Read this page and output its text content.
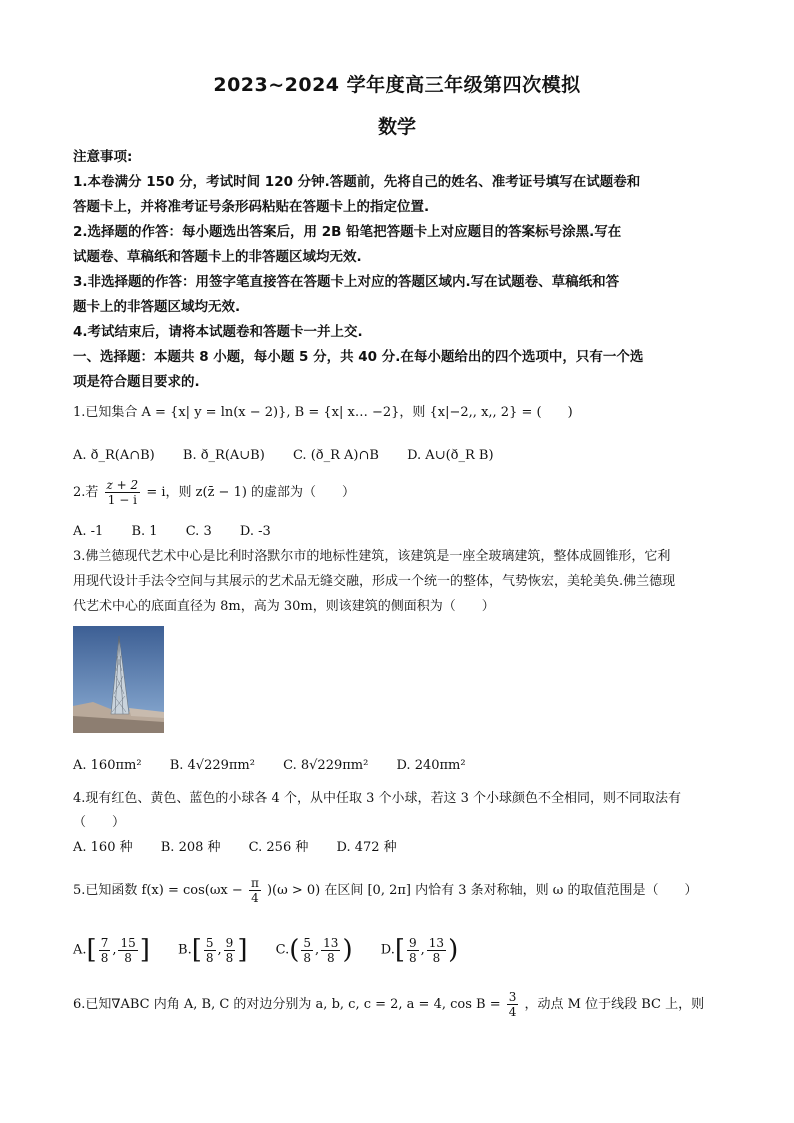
2023~2024 学年度高三年级第四次模拟
数学
注意事项:
1.本卷满分 150 分，考试时间 120 分钟.答题前，先将自己的姓名、准考证号填写在试题卷和
答题卡上，并将准考证号条形码粘贴在答题卡上的指定位置.
2.选择题的作答：每小题选出答案后，用 2B 铅笔把答题卡上对应题目的答案标号涂黑.写在
试题卷、草稿纸和答题卡上的非答题区域均无效.
3.非选择题的作答：用签字笔直接答在答题卡上对应的答题区域内.写在试题卷、草稿纸和答
题卡上的非答题区域均无效.
4.考试结束后，请将本试题卷和答题卡一并上交.
一、选择题：本题共 8 小题，每小题 5 分，共 40 分.在每小题给出的四个选项中，只有一个选
项是符合题目要求的.
1.已知集合 A = {x| y = ln(x − 2)}, B = {x| x… −2}，则 {x|−2,, x,, 2} = (　　)
A. ð_R(A∩B) B. ð_R(A∪B) C. (ð_R A)∩B D. A∪(ð_R B)
2.若 $\frac{z + 2}{1 - i} = i$，则 z(z̄ − 1) 的虚部为（　　）
A. -1 B. 1 C. 3 D. -3
3.佛兰德现代艺术中心是比利时洛默尔市的地标性建筑，该建筑是一座全玻璃建筑，整体成圆锥形，它利
用现代设计手法令空间与其展示的艺术品无缝交融，形成一个统一的整体，气势恢宏，美轮美奂.佛兰德现
代艺术中心的底面直径为 8m，高为 30m，则该建筑的侧面积为（　　）
A. 160πm² B. 4√229πm² C. 8√229πm² D. 240πm²
4.现有红色、黄色、蓝色的小球各 4 个，从中任取 3 个小球，若这 3 个小球颜色不全相同，则不同取法有
（　　）
A. 160 种 B. 208 种 C. 256 种 D. 472 种
5.已知函数 $f(x) = \cos(\omega x - \frac{\pi}{4} )(\omega > 0)$ 在区间 [0, 2π] 内恰有 3 条对称轴，则 ω 的取值范围是（　　）
$A.[ \frac{7}{8}$ , $\frac{15}{8}$ ] $B.[ \frac{5}{8}$ , $\frac{9}{8}$ ] $C.( \frac{5}{8}$ , $\frac{13}{8}$ ) $D.[ \frac{9}{8}$ , $\frac{13}{8}$ )
6.已知∇ABC 内角 A, B, C 的对边分别为 a, b, c, c = 2, a = 4, $\cos B = \frac{3}{4}$ ，动点 M 位于线段 BC 上，则
